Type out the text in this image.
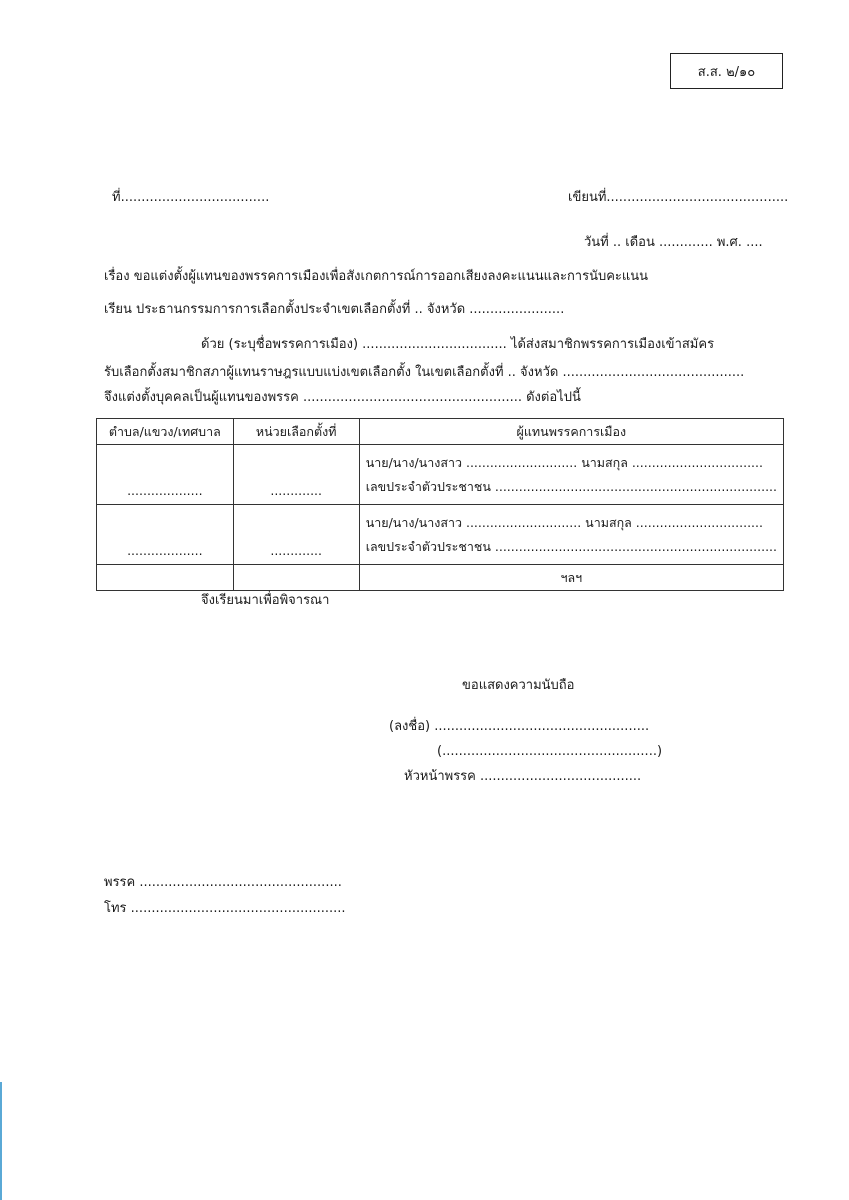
ส.ส. ๒/๑๐
ที่....................................	เขียนที่............................................
วันที่ .. เดือน ............. พ.ศ. ....
เรื่อง ขอแต่งตั้งผู้แทนของพรรคการเมืองเพื่อสังเกตการณ์การออกเสียงลงคะแนนและการนับคะแนน
เรียน ประธานกรรมการการเลือกตั้งประจำเขตเลือกตั้งที่ .. จังหวัด .......................
ด้วย (ระบุชื่อพรรคการเมือง) ................................... ได้ส่งสมาชิกพรรคการเมืองเข้าสมัคร
รับเลือกตั้งสมาชิกสภาผู้แทนราษฎรแบบแบ่งเขตเลือกตั้ง ในเขตเลือกตั้งที่ .. จังหวัด ............................................
จึงแต่งตั้งบุคคลเป็นผู้แทนของพรรค ..................................................... ดังต่อไปนี้
ตำบล/แขวง/เทศบาล	หน่วยเลือกตั้งที่	ผู้แทนพรรคการเมือง
...................	.............	นาย/นาง/นางสาว ............................ นามสกุล .................................
เลขประจำตัวประชาชน .......................................................................

...................	.............	นาย/นาง/นางสาว ............................. นามสกุล ................................
เลขประจำตัวประชาชน .......................................................................

		ฯลฯ
จึงเรียนมาเพื่อพิจารณา
ขอแสดงความนับถือ
(ลงชื่อ) ....................................................
(....................................................)
หัวหน้าพรรค .......................................
พรรค .................................................
โทร ....................................................
